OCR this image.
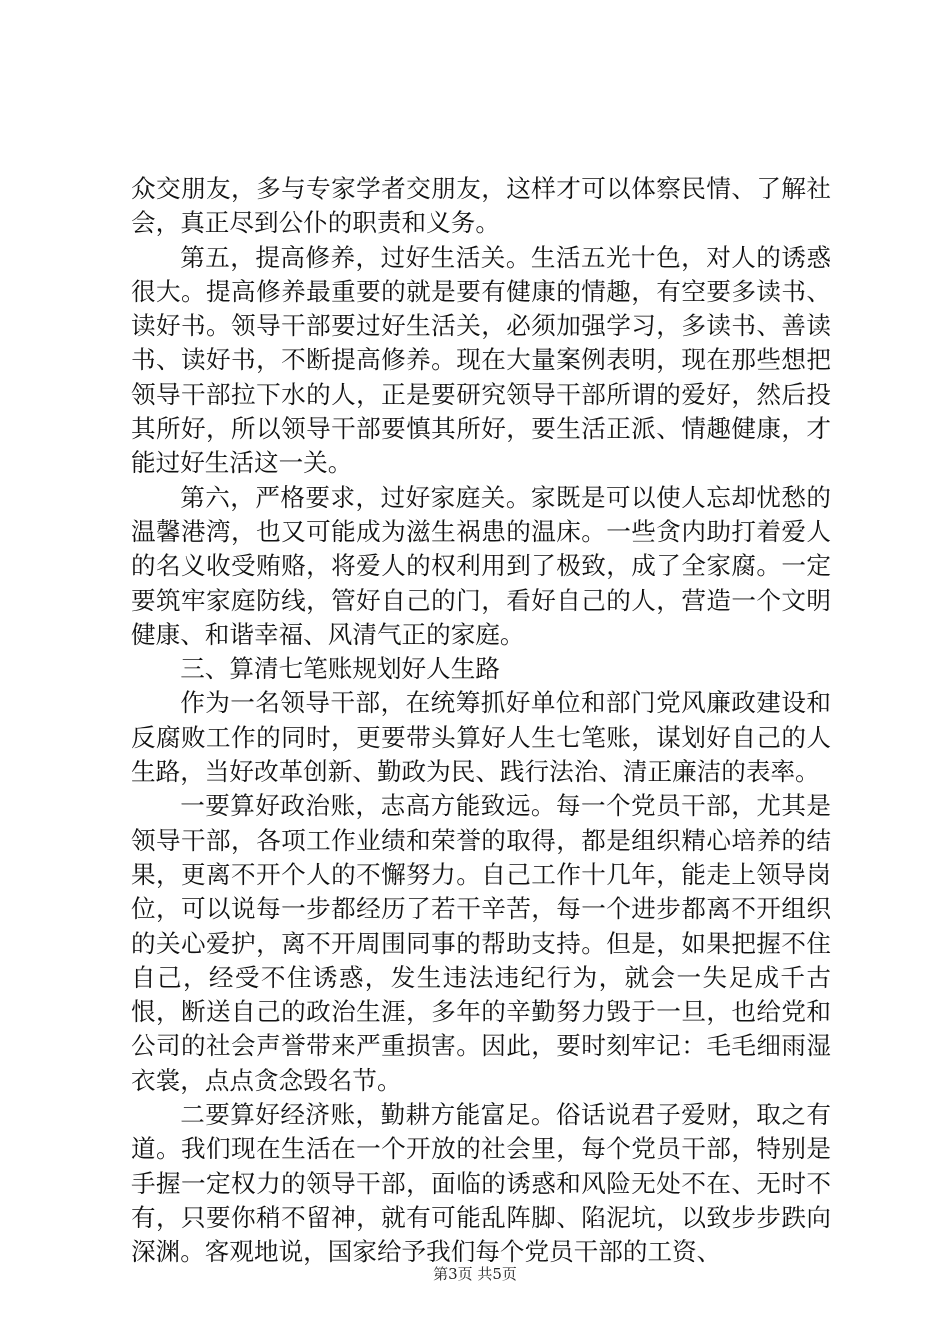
众交朋友，多与专家学者交朋友，这样才可以体察民情、了解社会，真正尽到公仆的职责和义务。

第五，提高修养，过好生活关。生活五光十色，对人的诱惑很大。提高修养最重要的就是要有健康的情趣，有空要多读书、读好书。领导干部要过好生活关，必须加强学习，多读书、善读书、读好书，不断提高修养。现在大量案例表明，现在那些想把领导干部拉下水的人，正是要研究领导干部所谓的爱好，然后投其所好，所以领导干部要慎其所好，要生活正派、情趣健康，才能过好生活这一关。

第六，严格要求，过好家庭关。家既是可以使人忘却忧愁的温馨港湾，也又可能成为滋生祸患的温床。一些贪内助打着爱人的名义收受贿赂，将爱人的权利用到了极致，成了全家腐。一定要筑牢家庭防线，管好自己的门，看好自己的人，营造一个文明健康、和谐幸福、风清气正的家庭。

三、算清七笔账规划好人生路

作为一名领导干部，在统筹抓好单位和部门党风廉政建设和反腐败工作的同时，更要带头算好人生七笔账，谋划好自己的人生路，当好改革创新、勤政为民、践行法治、清正廉洁的表率。

一要算好政治账，志高方能致远。每一个党员干部，尤其是领导干部，各项工作业绩和荣誉的取得，都是组织精心培养的结果，更离不开个人的不懈努力。自己工作十几年，能走上领导岗位，可以说每一步都经历了若干辛苦，每一个进步都离不开组织的关心爱护，离不开周围同事的帮助支持。但是，如果把握不住自己，经受不住诱惑，发生违法违纪行为，就会一失足成千古恨，断送自己的政治生涯，多年的辛勤努力毁于一旦，也给党和公司的社会声誉带来严重损害。因此，要时刻牢记：毛毛细雨湿衣裳，点点贪念毁名节。

二要算好经济账，勤耕方能富足。俗话说君子爱财，取之有道。我们现在生活在一个开放的社会里，每个党员干部，特别是手握一定权力的领导干部，面临的诱惑和风险无处不在、无时不有，只要你稍不留神，就有可能乱阵脚、陷泥坑，以致步步跌向深渊。客观地说，国家给予我们每个党员干部的工资、

第3页 共5页
